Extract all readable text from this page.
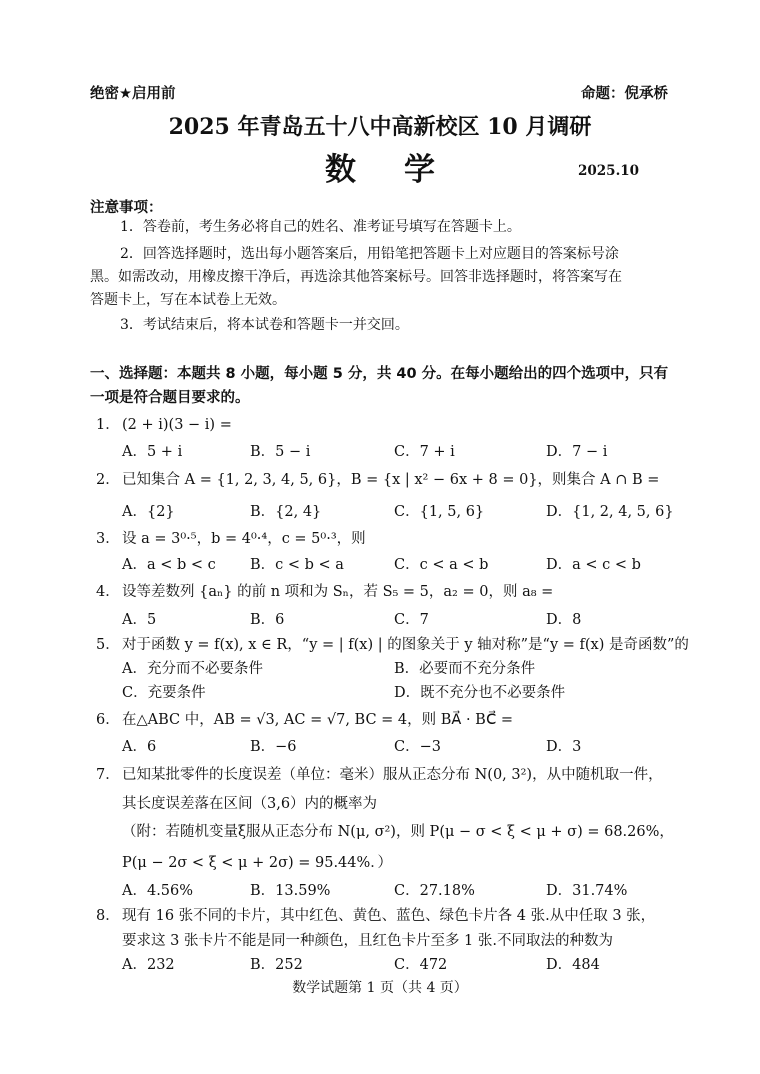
绝密★启用前	命题：倪承桥
2025 年青岛五十八中高新校区 10 月调研
数学	2025.10
注意事项：
1．答卷前，考生务必将自己的姓名、准考证号填写在答题卡上。
2．回答选择题时，选出每小题答案后，用铅笔把答题卡上对应题目的答案标号涂
黑。如需改动，用橡皮擦干净后，再选涂其他答案标号。回答非选择题时，将答案写在
答题卡上，写在本试卷上无效。
3．考试结束后，将本试卷和答题卡一并交回。
一、选择题：本题共 8 小题，每小题 5 分，共 40 分。在每小题给出的四个选项中，只有一项是符合题目要求的。
1． (2 + i)(3 − i) =
A．5 + i	B．5 − i	C．7 + i	D．7 − i
2． 已知集合 A = {1, 2, 3, 4, 5, 6}，B = {x | x² − 6x + 8 = 0}，则集合 A ∩ B =
A．{2}	B．{2, 4}	C．{1, 5, 6}	D．{1, 2, 4, 5, 6}
3． 设 a = 3⁰·⁵，b = 4⁰·⁴，c = 5⁰·³，则
A．a < b < c B．c < b < a	C．c < a < b	D．a < c < b
4． 设等差数列 {aₙ} 的前 n 项和为 Sₙ，若 S₅ = 5，a₂ = 0，则 a₈ =
A．5	B．6	C．7	D．8
5． 对于函数 y = f(x), x ∈ R，“y = | f(x) | 的图象关于 y 轴对称”是“y = f(x) 是奇函数”的
A．充分而不必要条件	B．必要而不充分条件
C．充要条件	D．既不充分也不必要条件
6． 在△ABC 中，AB = √3, AC = √7, BC = 4，则 BA⃗ · BC⃗ =
A．6	B．−6	C．−3	D．3
7． 已知某批零件的长度误差（单位：毫米）服从正态分布 N(0, 3²)，从中随机取一件，
其长度误差落在区间（3,6）内的概率为
（附：若随机变量ξ服从正态分布 N(μ, σ²)，则 P(μ − σ < ξ < μ + σ) = 68.26%，
P(μ − 2σ < ξ < μ + 2σ) = 95.44%．）
A．4.56%	B．13.59%	C．27.18%	D．31.74%
8． 现有 16 张不同的卡片，其中红色、黄色、蓝色、绿色卡片各 4 张.从中任取 3 张，
要求这 3 张卡片不能是同一种颜色，且红色卡片至多 1 张.不同取法的种数为
A．232	B．252	C．472	D．484
数学试题第 1 页（共 4 页）
